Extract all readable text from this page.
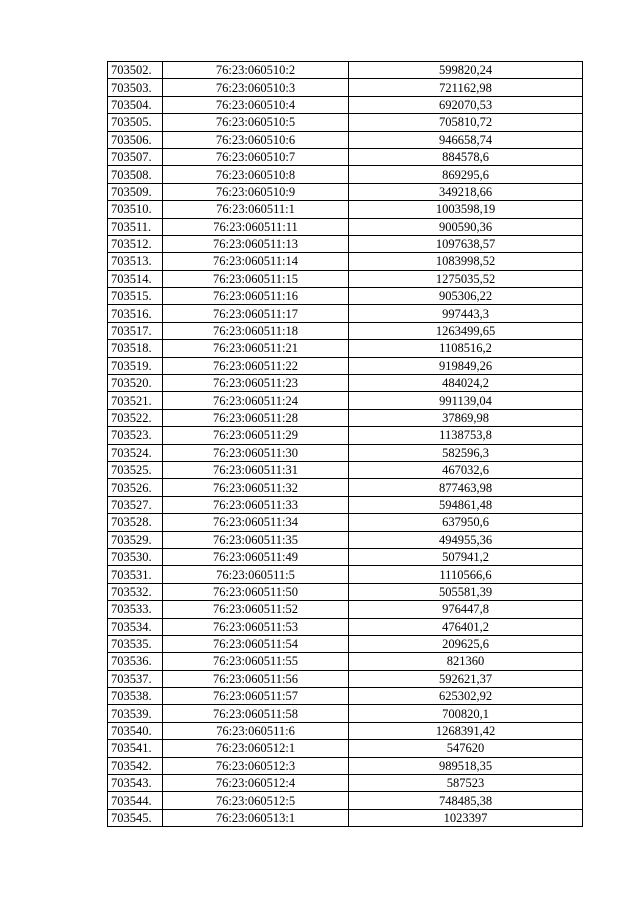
703502.	76:23:060510:2	599820,24
703503.	76:23:060510:3	721162,98
703504.	76:23:060510:4	692070,53
703505.	76:23:060510:5	705810,72
703506.	76:23:060510:6	946658,74
703507.	76:23:060510:7	884578,6
703508.	76:23:060510:8	869295,6
703509.	76:23:060510:9	349218,66
703510.	76:23:060511:1	1003598,19
703511.	76:23:060511:11	900590,36
703512.	76:23:060511:13	1097638,57
703513.	76:23:060511:14	1083998,52
703514.	76:23:060511:15	1275035,52
703515.	76:23:060511:16	905306,22
703516.	76:23:060511:17	997443,3
703517.	76:23:060511:18	1263499,65
703518.	76:23:060511:21	1108516,2
703519.	76:23:060511:22	919849,26
703520.	76:23:060511:23	484024,2
703521.	76:23:060511:24	991139,04
703522.	76:23:060511:28	37869,98
703523.	76:23:060511:29	1138753,8
703524.	76:23:060511:30	582596,3
703525.	76:23:060511:31	467032,6
703526.	76:23:060511:32	877463,98
703527.	76:23:060511:33	594861,48
703528.	76:23:060511:34	637950,6
703529.	76:23:060511:35	494955,36
703530.	76:23:060511:49	507941,2
703531.	76:23:060511:5	1110566,6
703532.	76:23:060511:50	505581,39
703533.	76:23:060511:52	976447,8
703534.	76:23:060511:53	476401,2
703535.	76:23:060511:54	209625,6
703536.	76:23:060511:55	821360
703537.	76:23:060511:56	592621,37
703538.	76:23:060511:57	625302,92
703539.	76:23:060511:58	700820,1
703540.	76:23:060511:6	1268391,42
703541.	76:23:060512:1	547620
703542.	76:23:060512:3	989518,35
703543.	76:23:060512:4	587523
703544.	76:23:060512:5	748485,38
703545.	76:23:060513:1	1023397
